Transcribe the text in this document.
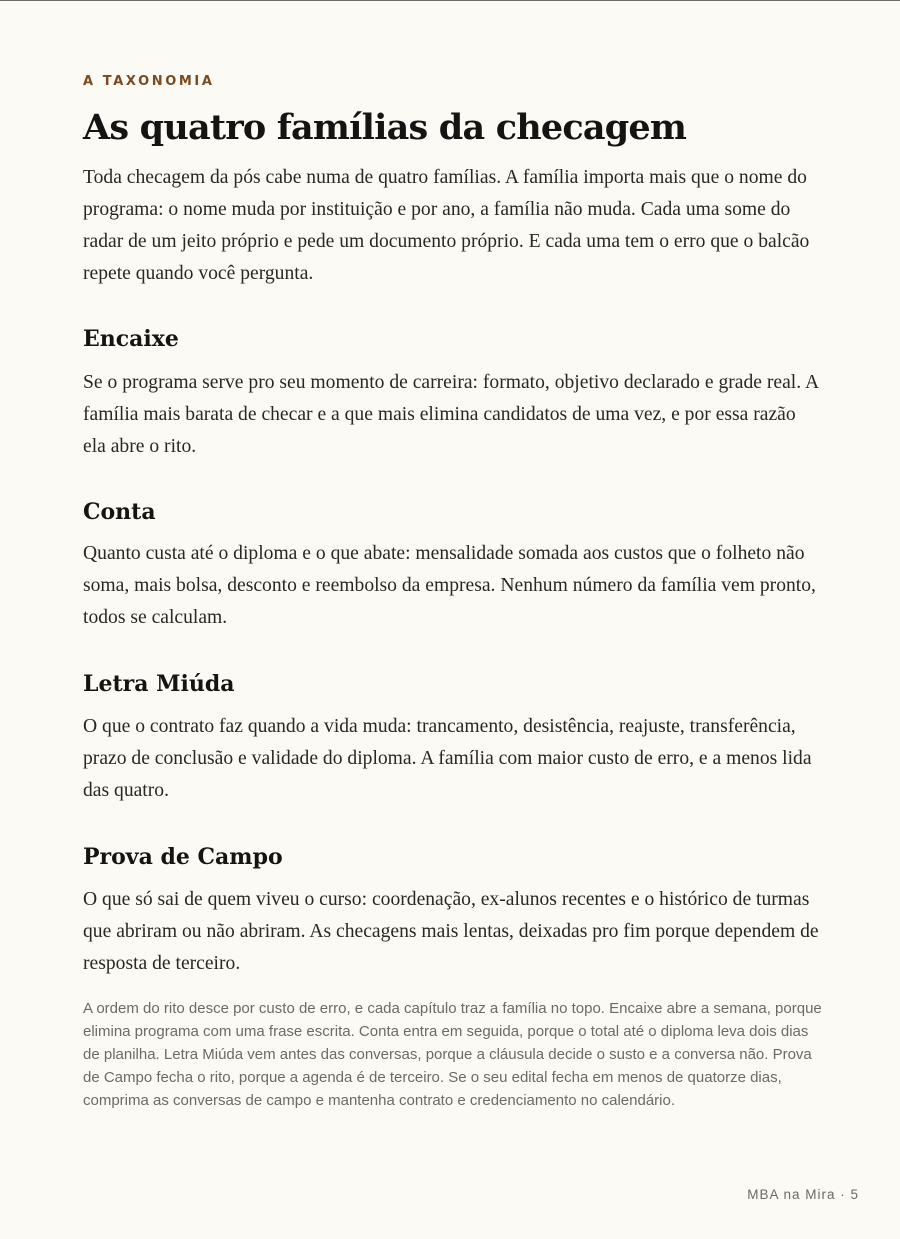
A TAXONOMIA
As quatro famílias da checagem

Toda checagem da pós cabe numa de quatro famílias. A família importa mais que o nome do programa: o nome muda por instituição e por ano, a família não muda. Cada uma some do radar de um jeito próprio e pede um documento próprio. E cada uma tem o erro que o balcão repete quando você pergunta.

Encaixe

Se o programa serve pro seu momento de carreira: formato, objetivo declarado e grade real. A família mais barata de checar e a que mais elimina candidatos de uma vez, e por essa razão ela abre o rito.

Conta

Quanto custa até o diploma e o que abate: mensalidade somada aos custos que o folheto não soma, mais bolsa, desconto e reembolso da empresa. Nenhum número da família vem pronto, todos se calculam.

Letra Miúda

O que o contrato faz quando a vida muda: trancamento, desistência, reajuste, transferência, prazo de conclusão e validade do diploma. A família com maior custo de erro, e a menos lida das quatro.

Prova de Campo

O que só sai de quem viveu o curso: coordenação, ex-alunos recentes e o histórico de turmas que abriram ou não abriram. As checagens mais lentas, deixadas pro fim porque dependem de resposta de terceiro.

A ordem do rito desce por custo de erro, e cada capítulo traz a família no topo. Encaixe abre a semana, porque elimina programa com uma frase escrita. Conta entra em seguida, porque o total até o diploma leva dois dias de planilha. Letra Miúda vem antes das conversas, porque a cláusula decide o susto e a conversa não. Prova de Campo fecha o rito, porque a agenda é de terceiro. Se o seu edital fecha em menos de quatorze dias, comprima as conversas de campo e mantenha contrato e credenciamento no calendário.

MBA na Mira · 5
